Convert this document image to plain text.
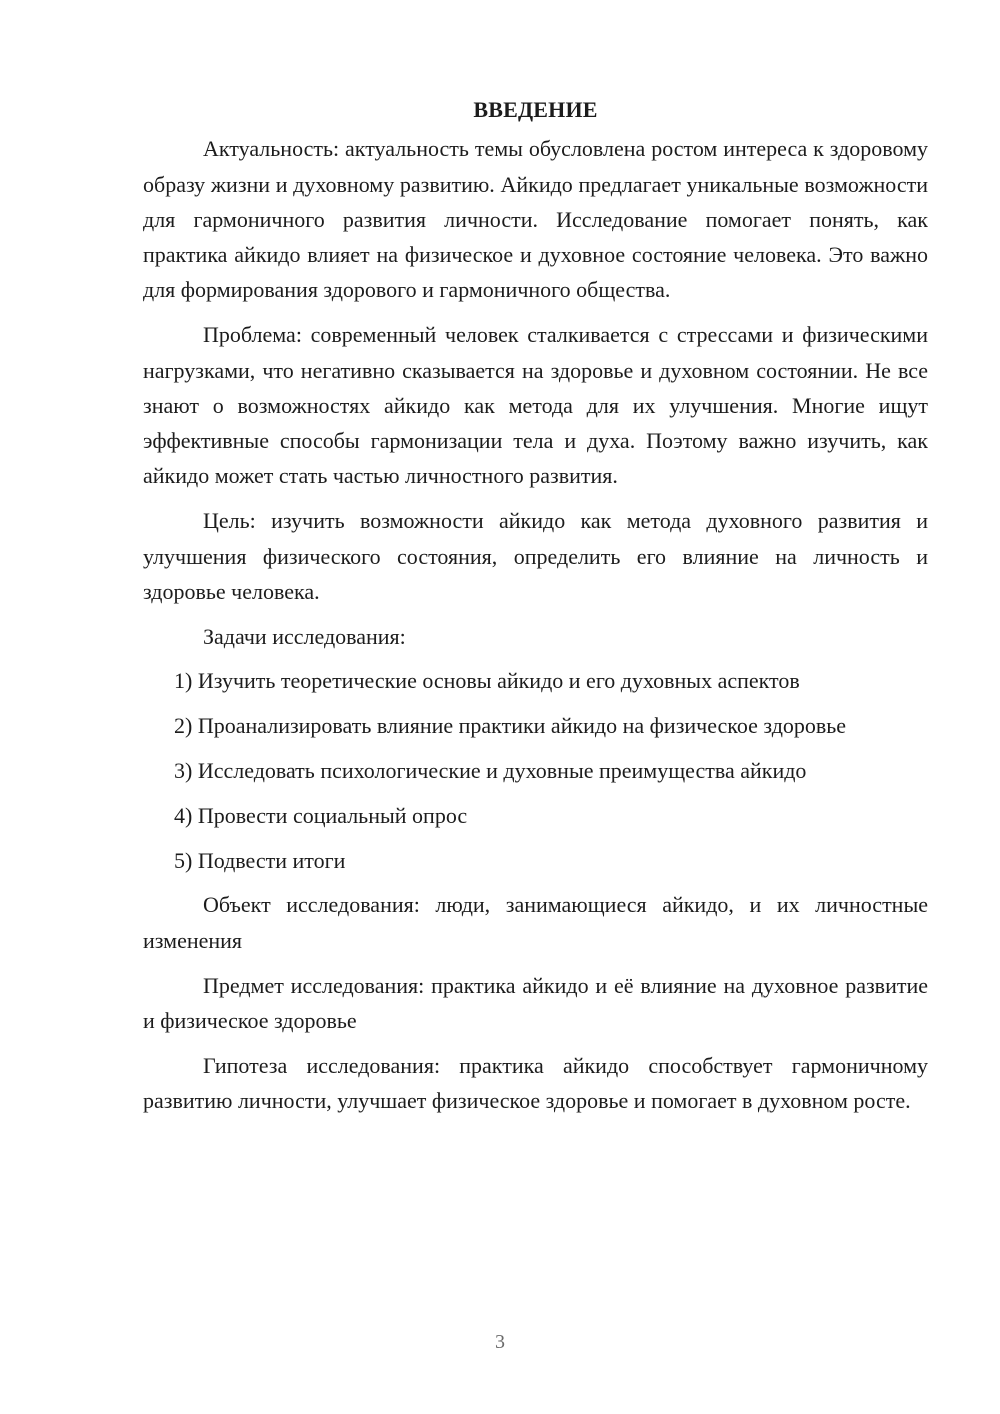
ВВЕДЕНИЕ

Актуальность: актуальность темы обусловлена ростом интереса к здоровому образу жизни и духовному развитию. Айкидо предлагает уникальные возможности для гармоничного развития личности. Исследование помогает понять, как практика айкидо влияет на физическое и духовное состояние человека. Это важно для формирования здорового и гармоничного общества.

Проблема: современный человек сталкивается с стрессами и физическими нагрузками, что негативно сказывается на здоровье и духовном состоянии. Не все знают о возможностях айкидо как метода для их улучшения. Многие ищут эффективные способы гармонизации тела и духа. Поэтому важно изучить, как айкидо может стать частью личностного развития.

Цель: изучить возможности айкидо как метода духовного развития и улучшения физического состояния, определить его влияние на личность и здоровье человека.

Задачи исследования:

1) Изучить теоретические основы айкидо и его духовных аспектов

2) Проанализировать влияние практики айкидо на физическое здоровье

3) Исследовать психологические и духовные преимущества айкидо

4) Провести социальный опрос

5) Подвести итоги

Объект исследования: люди, занимающиеся айкидо, и их личностные изменения

Предмет исследования: практика айкидо и её влияние на духовное развитие и физическое здоровье

Гипотеза исследования: практика айкидо способствует гармоничному развитию личности, улучшает физическое здоровье и помогает в духовном росте.

3
